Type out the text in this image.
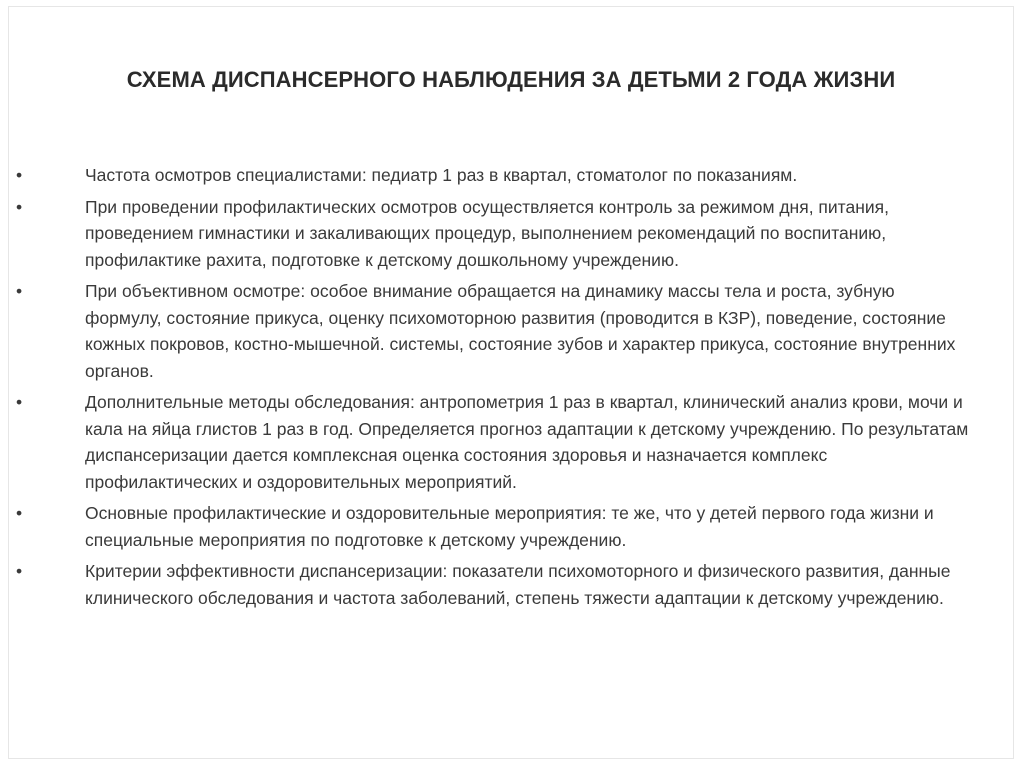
СХЕМА ДИСПАНСЕРНОГО НАБЛЮДЕНИЯ ЗА ДЕТЬМИ 2 ГОДА ЖИЗНИ
•	Частота осмотров специалистами: педиатр 1 раз в квартал, стоматолог по показаниям.
•	При проведении профилактических осмотров осуществляется контроль за режимом дня, питания, проведением гимнастики и закаливающих процедур, выполнением рекомендаций по воспитанию, профилактике рахита, подготовке к детскому дошкольному учреждению.
•	При объективном осмотре: особое внимание обращается на динамику массы тела и роста, зубную формулу, состояние прикуса, оценку психомоторною развития (проводится в КЗР), поведение, состояние кожных покровов, костно-мышечной. системы, состояние зубов и характер прикуса, состояние внутренних органов.
•	Дополнительные методы обследования: антропометрия 1 раз в квартал, клинический анализ крови, мочи и кала на яйца глистов 1 раз в год. Определяется прогноз адаптации к детскому учреждению. По результатам диспансеризации дается комплексная оценка состояния здоровья и назначается комплекс профилактических и оздоровительных мероприятий.
•	Основные профилактические и оздоровительные мероприятия: те же, что у детей первого года жизни и специальные мероприятия по подготовке к детскому учреждению.
•	Критерии эффективности диспансеризации: показатели психомоторного и физического развития, данные клинического обследования и частота заболеваний, степень тяжести адаптации к детскому учреждению.
